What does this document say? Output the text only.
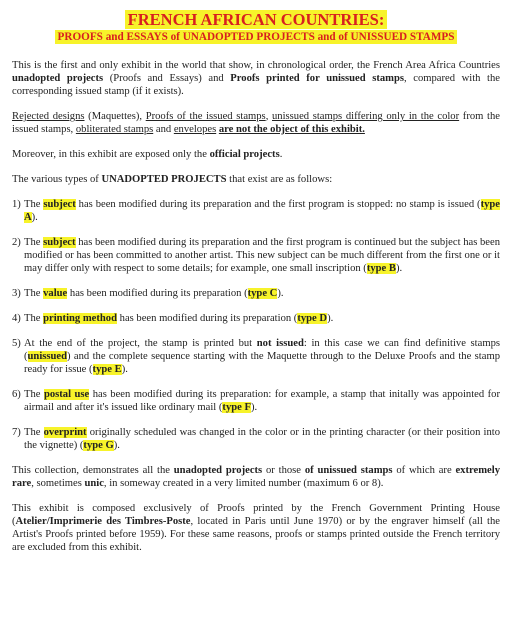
FRENCH AFRICAN COUNTRIES:
PROOFS and ESSAYS of UNADOPTED PROJECTS and of UNISSUED STAMPS

This is the first and only exhibit in the world that show, in chronological order, the French Area Africa Countries unadopted projects (Proofs and Essays) and Proofs printed for unissued stamps, compared with the corresponding issued stamp (if it exists).

Rejected designs (Maquettes), Proofs of the issued stamps, unissued stamps differing only in the color from the issued stamps, obliterated stamps and envelopes are not the object of this exhibit.

Moreover, in this exhibit are exposed only the official projects.

The various types of UNADOPTED PROJECTS that exist are as follows:

1) The subject has been modified during its preparation and the first program is stopped: no stamp is issued (type A).
2) The subject has been modified during its preparation and the first program is continued but the subject has been modified or has been committed to another artist. This new subject can be much different from the first one or it may differ only with respect to some details; for example, one small inscription (type B).
3) The value has been modified during its preparation (type C).
4) The printing method has been modified during its preparation (type D).
5) At the end of the project, the stamp is printed but not issued: in this case we can find definitive stamps (unissued) and the complete sequence starting with the Maquette through to the Deluxe Proofs and the stamp ready for issue (type E).
6) The postal use has been modified during its preparation: for example, a stamp that initally was appointed for airmail and after it's issued like ordinary mail (type F).
7) The overprint originally scheduled was changed in the color or in the printing character (or their position into the vignette) (type G).

This collection, demonstrates all the unadopted projects or those of unissued stamps of which are extremely rare, sometimes unic, in someway created in a very limited number (maximum 6 or 8).

This exhibit is composed exclusively of Proofs printed by the French Government Printing House (Atelier/Imprimerie des Timbres-Poste, located in Paris until June 1970) or by the engraver himself (all the Artist's Proofs printed before 1959). For these same reasons, proofs or stamps printed outside the French territory are excluded from this exhibit.
